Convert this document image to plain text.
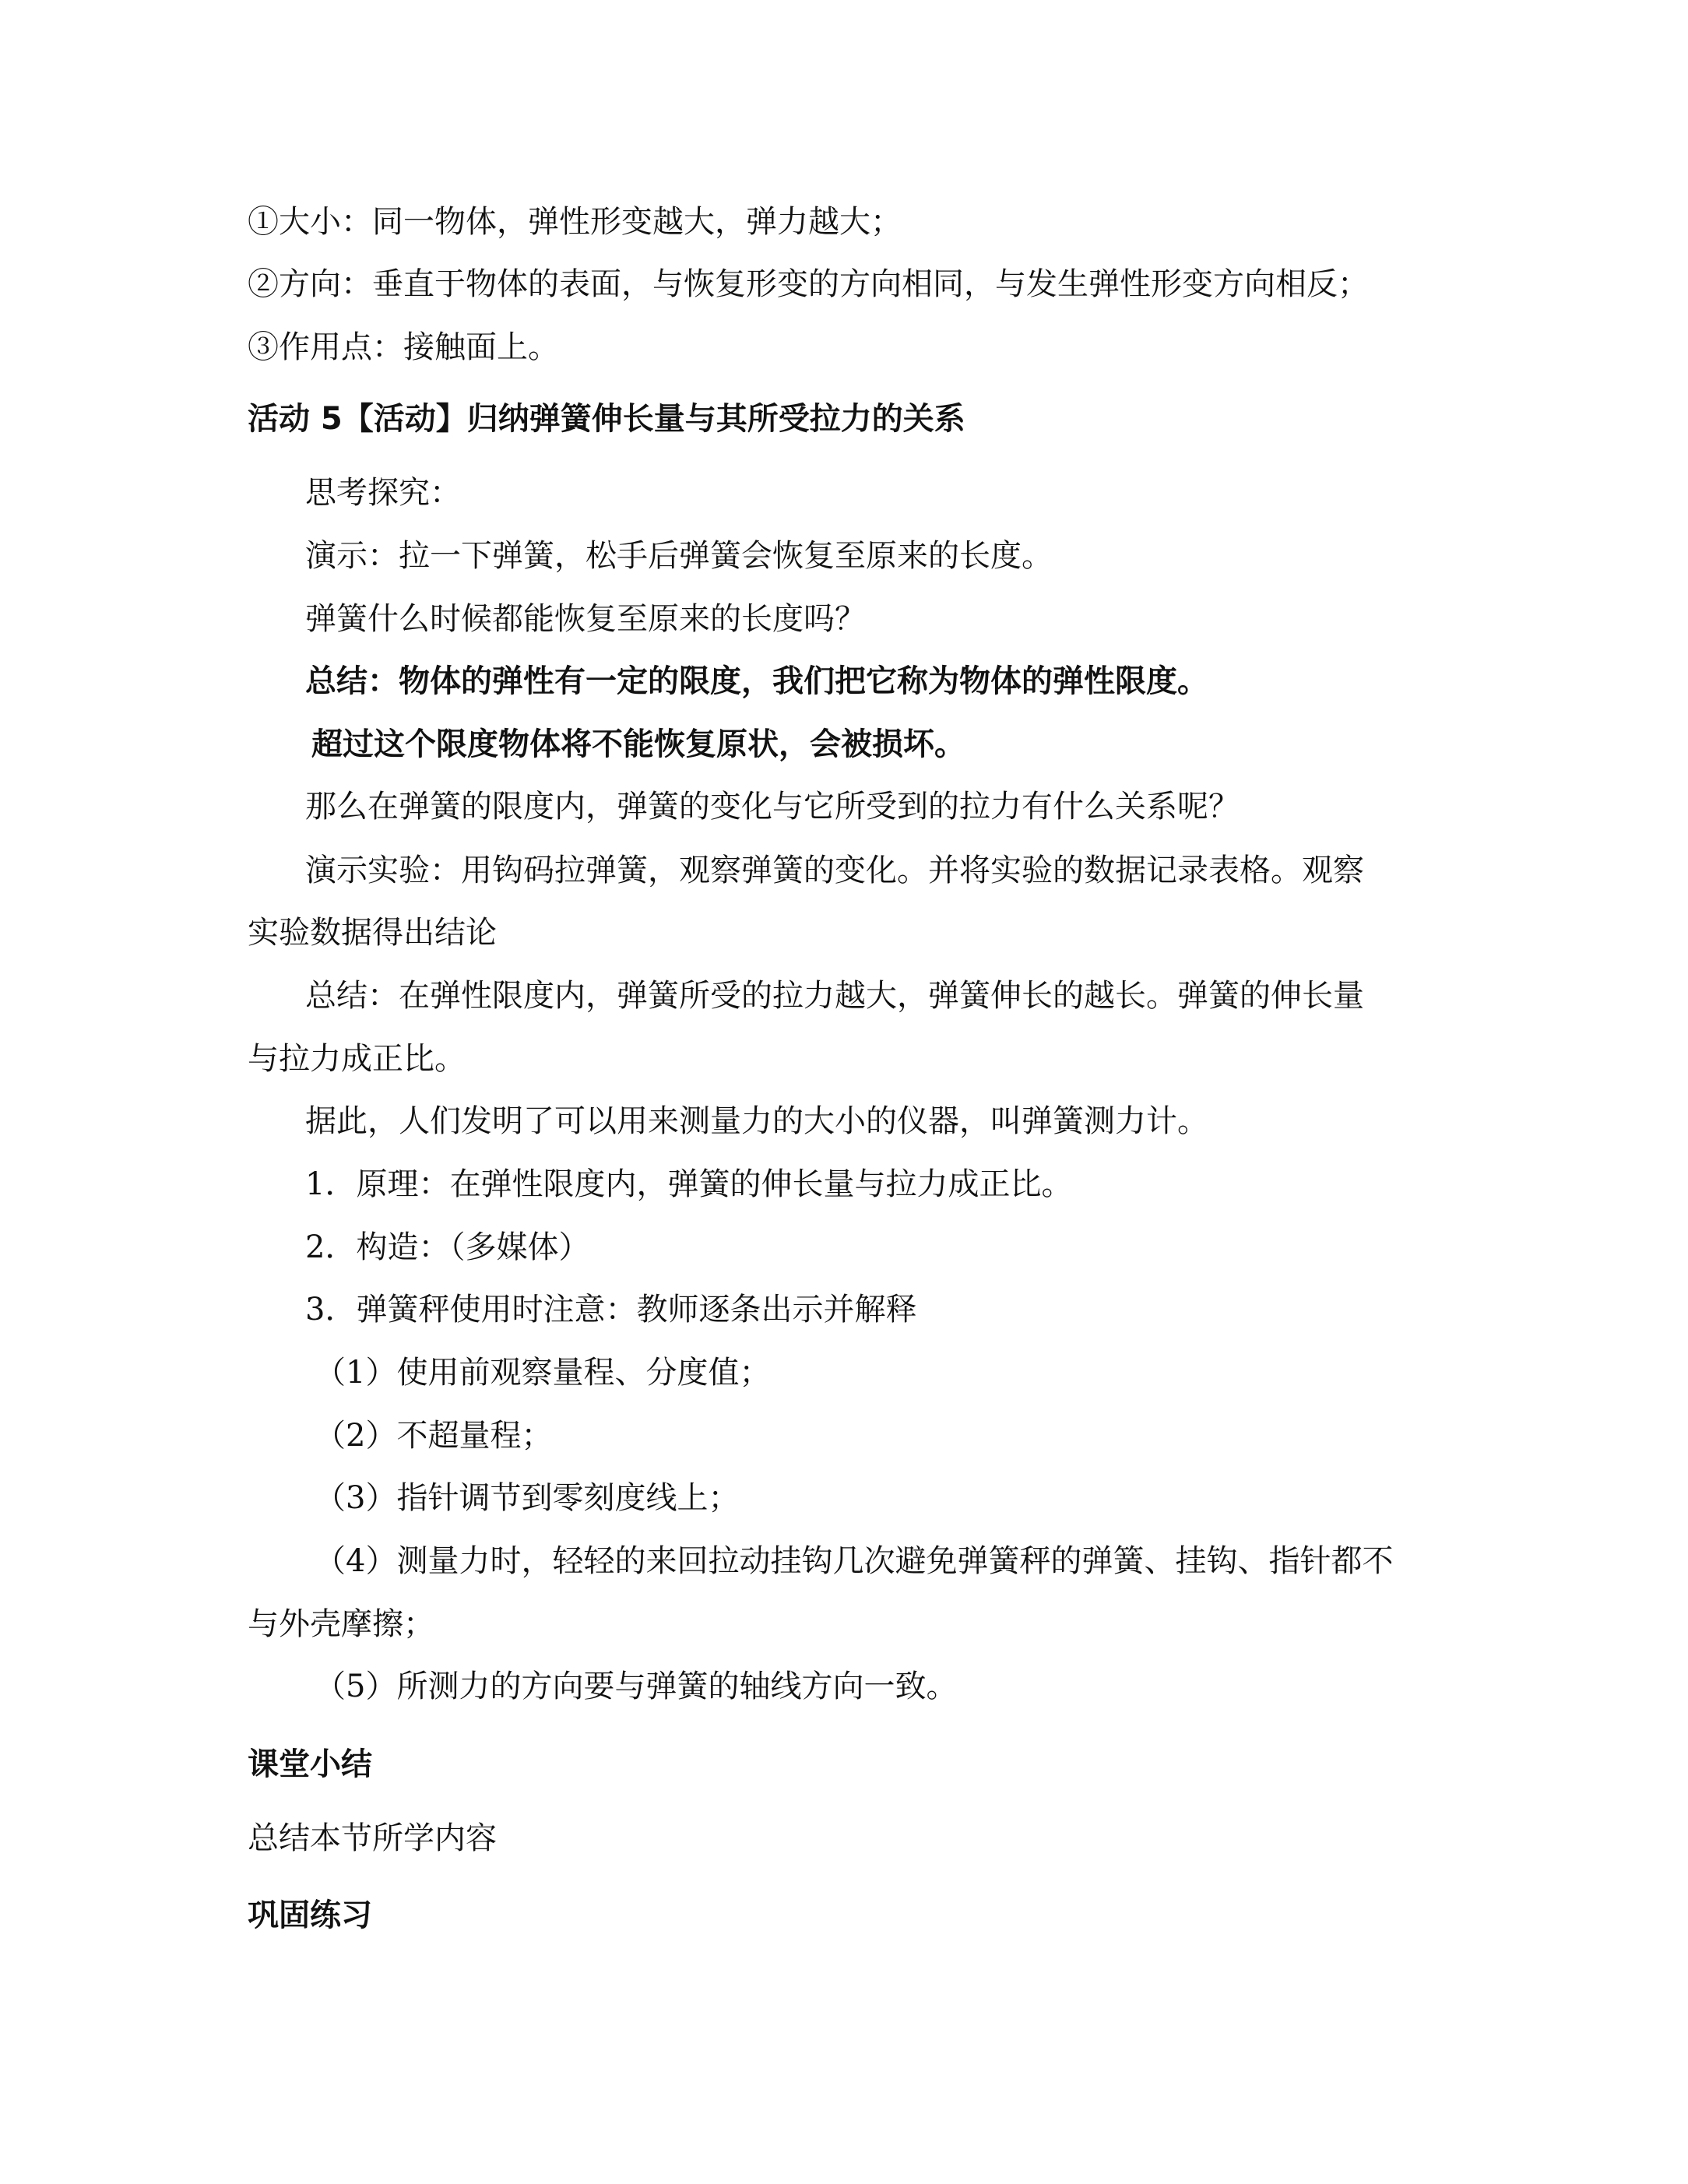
①大小：同一物体，弹性形变越大，弹力越大；
②方向：垂直于物体的表面，与恢复形变的方向相同，与发生弹性形变方向相反；
③作用点：接触面上。
活动 5【活动】归纳弹簧伸长量与其所受拉力的关系
思考探究：
演示：拉一下弹簧，松手后弹簧会恢复至原来的长度。
弹簧什么时候都能恢复至原来的长度吗？
总结：物体的弹性有一定的限度，我们把它称为物体的弹性限度。
超过这个限度物体将不能恢复原状，会被损坏。
那么在弹簧的限度内，弹簧的变化与它所受到的拉力有什么关系呢？
演示实验：用钩码拉弹簧，观察弹簧的变化。并将实验的数据记录表格。观察
实验数据得出结论
总结：在弹性限度内，弹簧所受的拉力越大，弹簧伸长的越长。弹簧的伸长量
与拉力成正比。
据此，人们发明了可以用来测量力的大小的仪器，叫弹簧测力计。
1．原理：在弹性限度内，弹簧的伸长量与拉力成正比。
2．构造：（多媒体）
3．弹簧秤使用时注意：教师逐条出示并解释
（1）使用前观察量程、分度值；
（2）不超量程；
（3）指针调节到零刻度线上；
（4）测量力时，轻轻的来回拉动挂钩几次避免弹簧秤的弹簧、挂钩、指针都不
与外壳摩擦；
（5）所测力的方向要与弹簧的轴线方向一致。
课堂小结
总结本节所学内容
巩固练习
